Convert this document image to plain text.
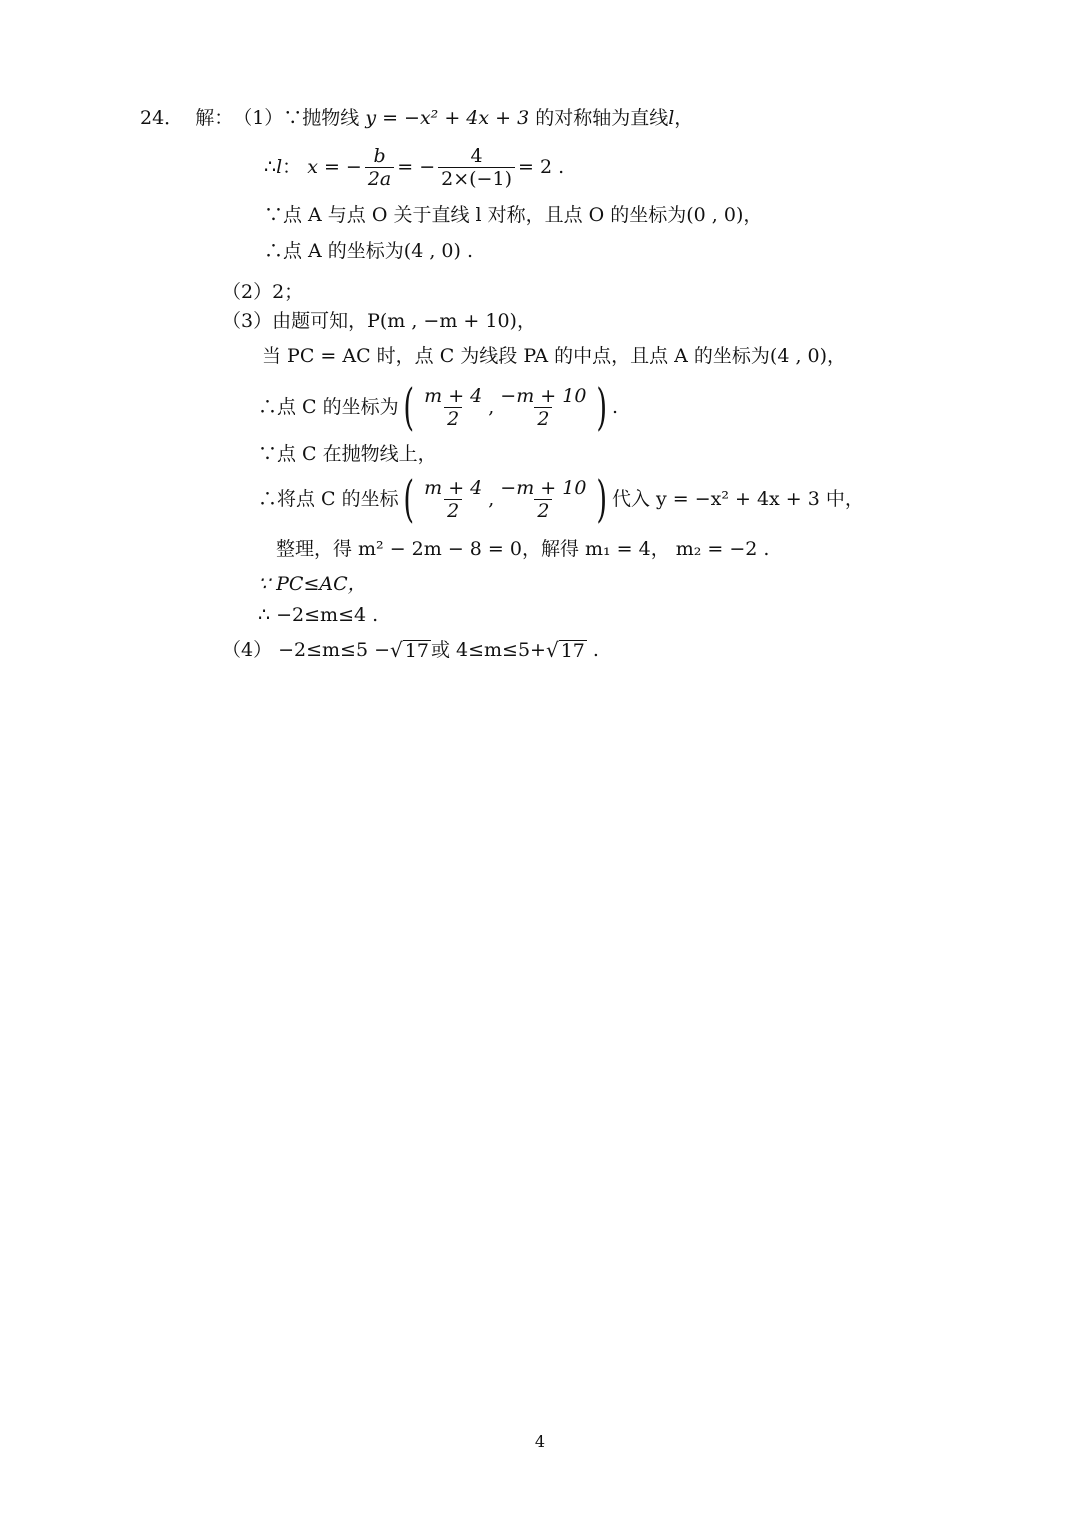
24． 解： （1） ∵抛物线 y = −x² + 4x + 3 的对称轴为直线 l ，
∴ l ： x = − $\frac{b}{2a}$ = − $\frac{4}{2\times(-1)} = 2$ .
∵点 A 与点 O 关于直线 l 对称，且点 O 的坐标为(0 , 0)，
∴点 A 的坐标为(4 , 0) .
（2） 2；
（3） 由题可知，P(m , −m + 10)，
当 PC = AC 时，点 C 为线段 PA 的中点，且点 A 的坐标为(4 , 0)，
∴点 C 的坐标为 ( $\frac{m + 4}{2}$ , $\frac{-m + 10}{2}$ ) .
∵点 C 在抛物线上，
∴将点 C 的坐标 ( $\frac{m + 4}{2}$ , $\frac{-m + 10}{2}$ ) 代入 y = −x² + 4x + 3 中，
整理，得 m² − 2m − 8 = 0，解得 m₁ = 4， m₂ = −2 .
∵ PC≤AC，
∴ −2≤m≤4 .
（4） −2≤m≤5 − √ 17 或 4≤m≤5+ √ 17 .
4
